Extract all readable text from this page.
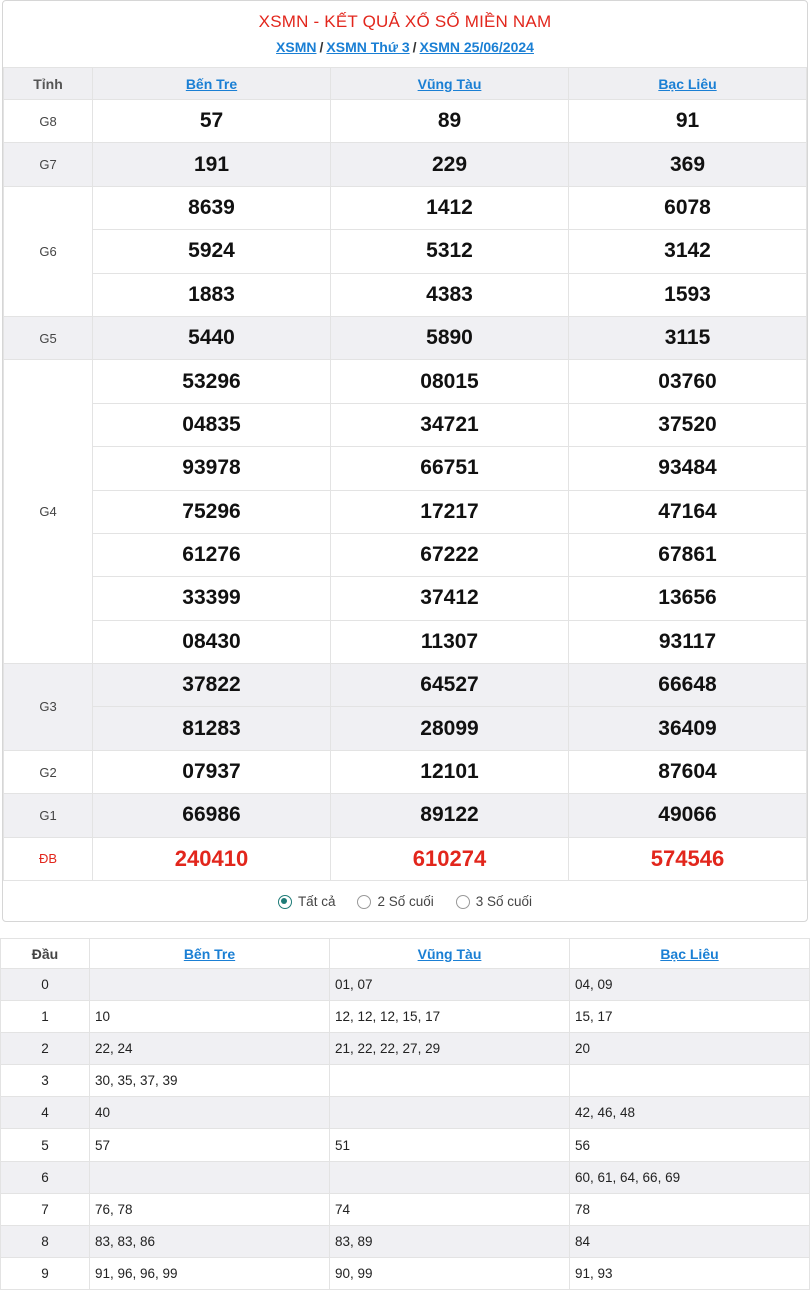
XSMN - KẾT QUẢ XỔ SỐ MIỀN NAM
XSMN / XSMN Thứ 3 / XSMN 25/06/2024
Tỉnh	Bến Tre	Vũng Tàu	Bạc Liêu
G8	57	89	91
G7	191	229	369
G6	8639	1412	6078
	5924	5312	3142
	1883	4383	1593
G5	5440	5890	3115
G4	53296	08015	03760
	04835	34721	37520
	93978	66751	93484
	75296	17217	47164
	61276	67222	67861
	33399	37412	13656
	08430	11307	93117
G3	37822	64527	66648
	81283	28099	36409
G2	07937	12101	87604
G1	66986	89122	49066
ĐB	240410	610274	574546
Tất cả	2 Số cuối	3 Số cuối
Đầu	Bến Tre	Vũng Tàu	Bạc Liêu
0		01, 07	04, 09
1	10	12, 12, 12, 15, 17	15, 17
2	22, 24	21, 22, 22, 27, 29	20
3	30, 35, 37, 39		
4	40		42, 46, 48
5	57	51	56
6			60, 61, 64, 66, 69
7	76, 78	74	78
8	83, 83, 86	83, 89	84
9	91, 96, 96, 99	90, 99	91, 93
